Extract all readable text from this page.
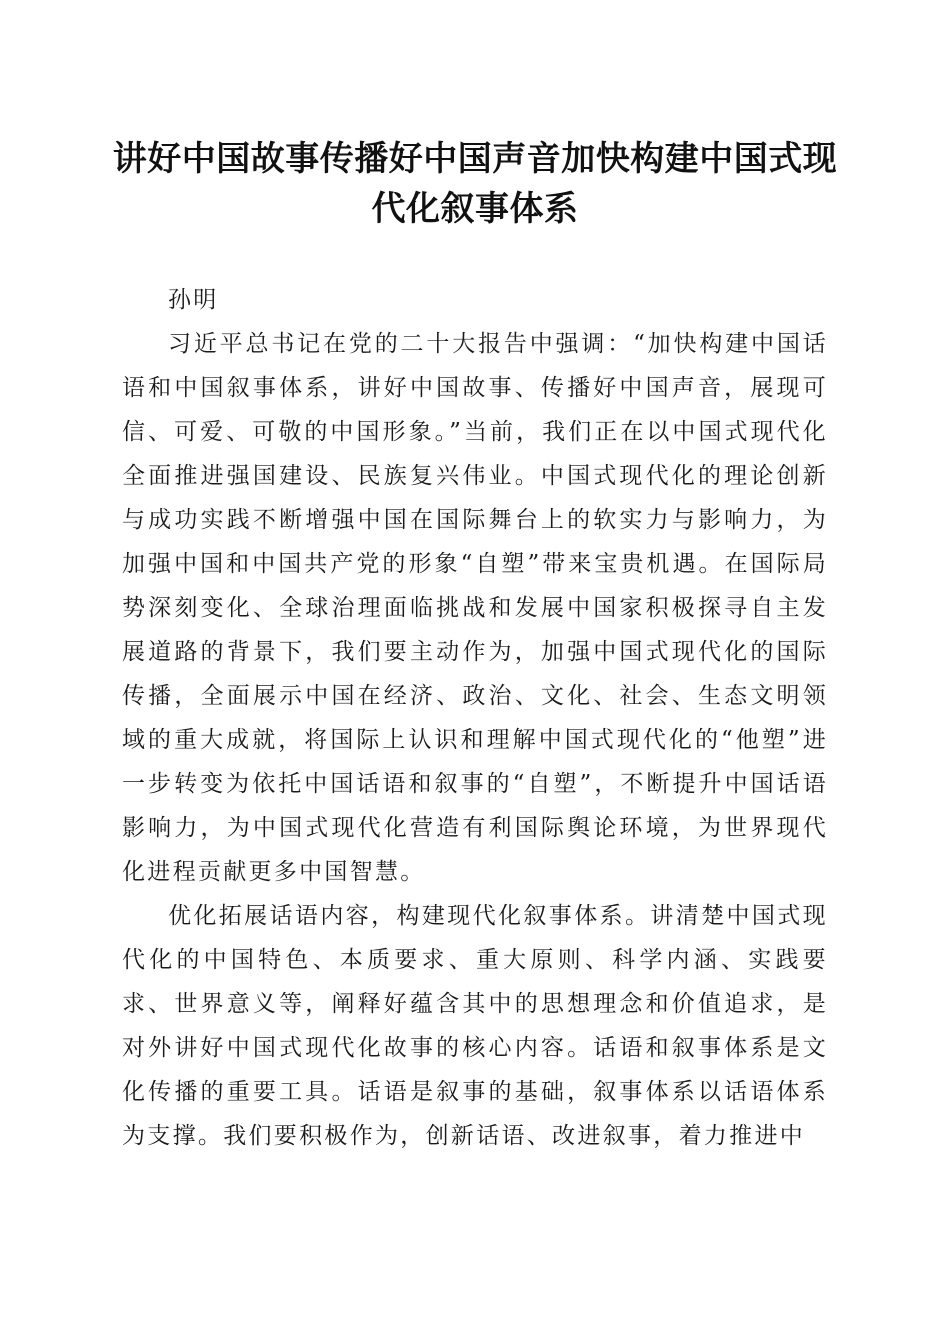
讲好中国故事传播好中国声音加快构建中国式现代化叙事体系

孙明

习近平总书记在党的二十大报告中强调：“加快构建中国话语和中国叙事体系，讲好中国故事、传播好中国声音，展现可信、可爱、可敬的中国形象。”当前，我们正在以中国式现代化全面推进强国建设、民族复兴伟业。中国式现代化的理论创新与成功实践不断增强中国在国际舞台上的软实力与影响力，为加强中国和中国共产党的形象“自塑”带来宝贵机遇。在国际局势深刻变化、全球治理面临挑战和发展中国家积极探寻自主发展道路的背景下，我们要主动作为，加强中国式现代化的国际传播，全面展示中国在经济、政治、文化、社会、生态文明领域的重大成就，将国际上认识和理解中国式现代化的“他塑”进一步转变为依托中国话语和叙事的“自塑”，不断提升中国话语影响力，为中国式现代化营造有利国际舆论环境，为世界现代化进程贡献更多中国智慧。

优化拓展话语内容，构建现代化叙事体系。讲清楚中国式现代化的中国特色、本质要求、重大原则、科学内涵、实践要求、世界意义等，阐释好蕴含其中的思想理念和价值追求，是对外讲好中国式现代化故事的核心内容。话语和叙事体系是文化传播的重要工具。话语是叙事的基础，叙事体系以话语体系为支撑。我们要积极作为，创新话语、改进叙事，着力推进中
